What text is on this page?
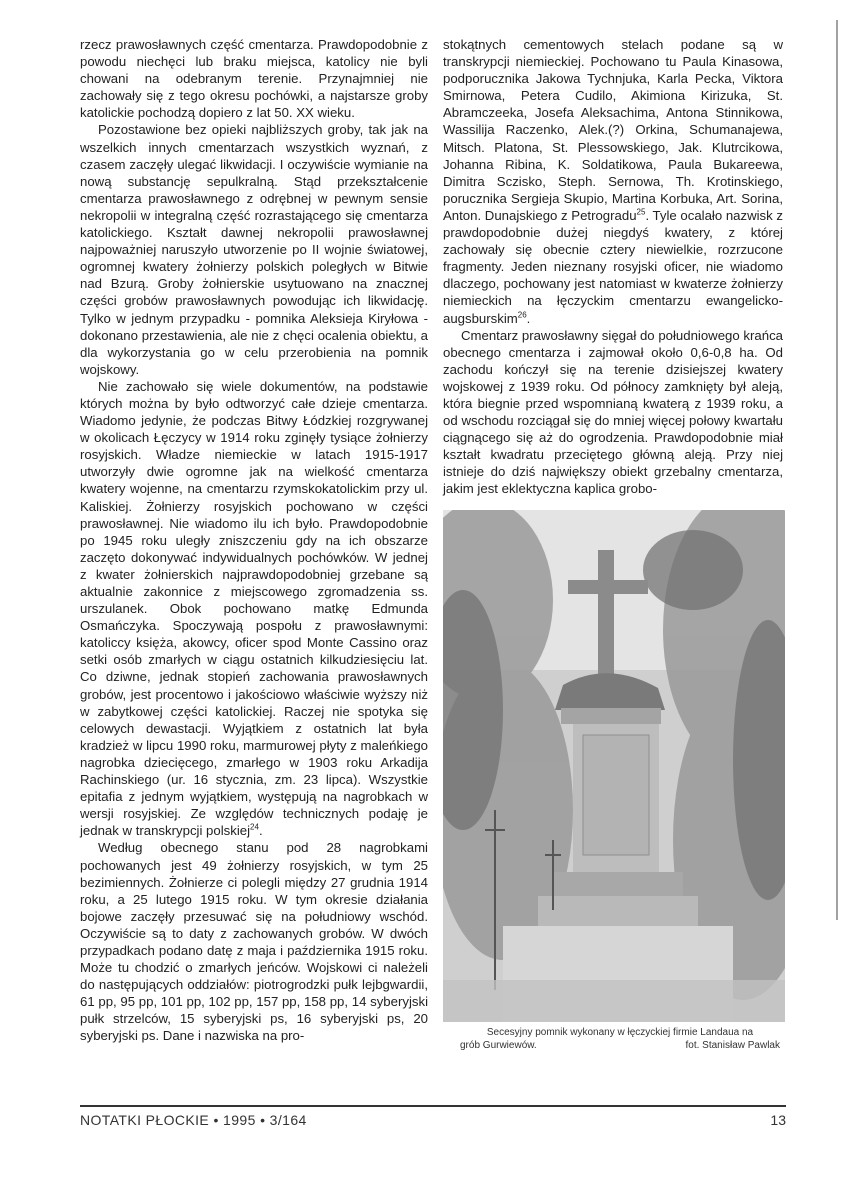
rzecz prawosławnych część cmentarza. Prawdopodobnie z powodu niechęci lub braku miejsca, katolicy nie byli chowani na odebranym terenie. Przynajmniej nie zachowały się z tego okresu pochówki, a najstarsze groby katolickie pochodzą dopiero z lat 50. XX wieku.

Pozostawione bez opieki najbliższych groby, tak jak na wszelkich innych cmentarzach wszystkich wyznań, z czasem zaczęły ulegać likwidacji. I oczywiście wymianie na nową substancję sepulkralną. Stąd przekształcenie cmentarza prawosławnego z odrębnej w pewnym sensie nekropolii w integralną część rozrastającego się cmentarza katolickiego. Kształt dawnej nekropolii prawosławnej najpoważniej naruszyło utworzenie po II wojnie światowej, ogromnej kwatery żołnierzy polskich poległych w Bitwie nad Bzurą. Groby żołnierskie usytuowano na znacznej części grobów prawosławnych powodując ich likwidację. Tylko w jednym przypadku - pomnika Aleksieja Kiryłowa - dokonano przestawienia, ale nie z chęci ocalenia obiektu, a dla wykorzystania go w celu przerobienia na pomnik wojskowy.

Nie zachowało się wiele dokumentów, na podstawie których można by było odtworzyć całe dzieje cmentarza. Wiadomo jedynie, że podczas Bitwy Łódzkiej rozgrywanej w okolicach Łęczycy w 1914 roku zginęły tysiące żołnierzy rosyjskich. Władze niemieckie w latach 1915-1917 utworzyły dwie ogromne jak na wielkość cmentarza kwatery wojenne, na cmentarzu rzymskokatolickim przy ul. Kaliskiej. Żołnierzy rosyjskich pochowano w części prawosławnej. Nie wiadomo ilu ich było. Prawdopodobnie po 1945 roku uległy zniszczeniu gdy na ich obszarze zaczęto dokonywać indywidualnych pochówków. W jednej z kwater żołnierskich najprawdopodobniej grzebane są aktualnie zakonnice z miejscowego zgromadzenia ss. urszulanek. Obok pochowano matkę Edmunda Osmańczyka. Spoczywają pospołu z prawosławnymi: katoliccy księża, akowcy, oficer spod Monte Cassino oraz setki osób zmarłych w ciągu ostatnich kilkudziesięciu lat. Co dziwne, jednak stopień zachowania prawosławnych grobów, jest procentowo i jakościowo właściwie wyższy niż w zabytkowej części katolickiej. Raczej nie spotyka się celowych dewastacji. Wyjątkiem z ostatnich lat była kradzież w lipcu 1990 roku, marmurowej płyty z maleńkiego nagrobka dziecięcego, zmarłego w 1903 roku Arkadija Rachinskiego (ur. 16 stycznia, zm. 23 lipca). Wszystkie epitafia z jednym wyjątkiem, występują na nagrobkach w wersji rosyjskiej. Ze względów technicznych podaję je jednak w transkrypcji polskiej$^{24}$.

Według obecnego stanu pod 28 nagrobkami pochowanych jest 49 żołnierzy rosyjskich, w tym 25 bezimiennych. Żołnierze ci polegli między 27 grudnia 1914 roku, a 25 lutego 1915 roku. W tym okresie działania bojowe zaczęły przesuwać się na południowy wschód. Oczywiście są to daty z zachowanych grobów. W dwóch przypadkach podano datę z maja i października 1915 roku. Może tu chodzić o zmarłych jeńców. Wojskowi ci należeli do następujących oddziałów: piotrogrodzki pułk lejbgwardii, 61 pp, 95 pp, 101 pp, 102 pp, 157 pp, 158 pp, 14 syberyjski pułk strzelców, 15 syberyjski ps, 16 syberyjski ps, 20 syberyjski ps. Dane i nazwiska na pro-

stokątnych cementowych stelach podane są w transkrypcji niemieckiej. Pochowano tu Paula Kinasowa, podporucznika Jakowa Tychnjuka, Karla Pecka, Viktora Smirnowa, Petera Cudilo, Akimiona Kirizuka, St. Abramczeeka, Josefa Aleksachima, Antona Stinnikowa, Wassilija Raczenko, Alek.(?) Orkina, Schumanajewa, Mitsch. Platona, St. Plessowskiego, Jak. Klutrcikowa, Johanna Ribina, K. Soldatikowa, Paula Bukareewa, Dimitra Sczisko, Steph. Sernowa, Th. Krotinskiego, porucznika Sergieja Skupio, Martina Korbuka, Art. Sorina, Anton. Dunajskiego z Petrogradu$^{25}$. Tyle ocalało nazwisk z prawdopodobnie dużej niegdyś kwatery, z której zachowały się obecnie cztery niewielkie, rozrzucone fragmenty. Jeden nieznany rosyjski oficer, nie wiadomo dlaczego, pochowany jest natomiast w kwaterze żołnierzy niemieckich na łęczyckim cmentarzu ewangelicko-augsburskim$^{26}$.

Cmentarz prawosławny sięgał do południowego krańca obecnego cmentarza i zajmował około 0,6-0,8 ha. Od zachodu kończył się na terenie dzisiejszej kwatery wojskowej z 1939 roku. Od północy zamknięty był aleją, która biegnie przed wspomnianą kwaterą z 1939 roku, a od wschodu rozciągał się do mniej więcej połowy kwartału ciągnącego się aż do ogrodzenia. Prawdopodobnie miał kształt kwadratu przeciętego główną aleją. Przy niej istnieje do dziś największy obiekt grzebalny cmentarza, jakim jest eklektyczna kaplica grobo-

Secesyjny pomnik wykonany w łęczyckiej firmie Landaua na
grób Gurwiewów.	fot. Stanisław Pawlak
NOTATKI PŁOCKIE • 1995 • 3/164	13
